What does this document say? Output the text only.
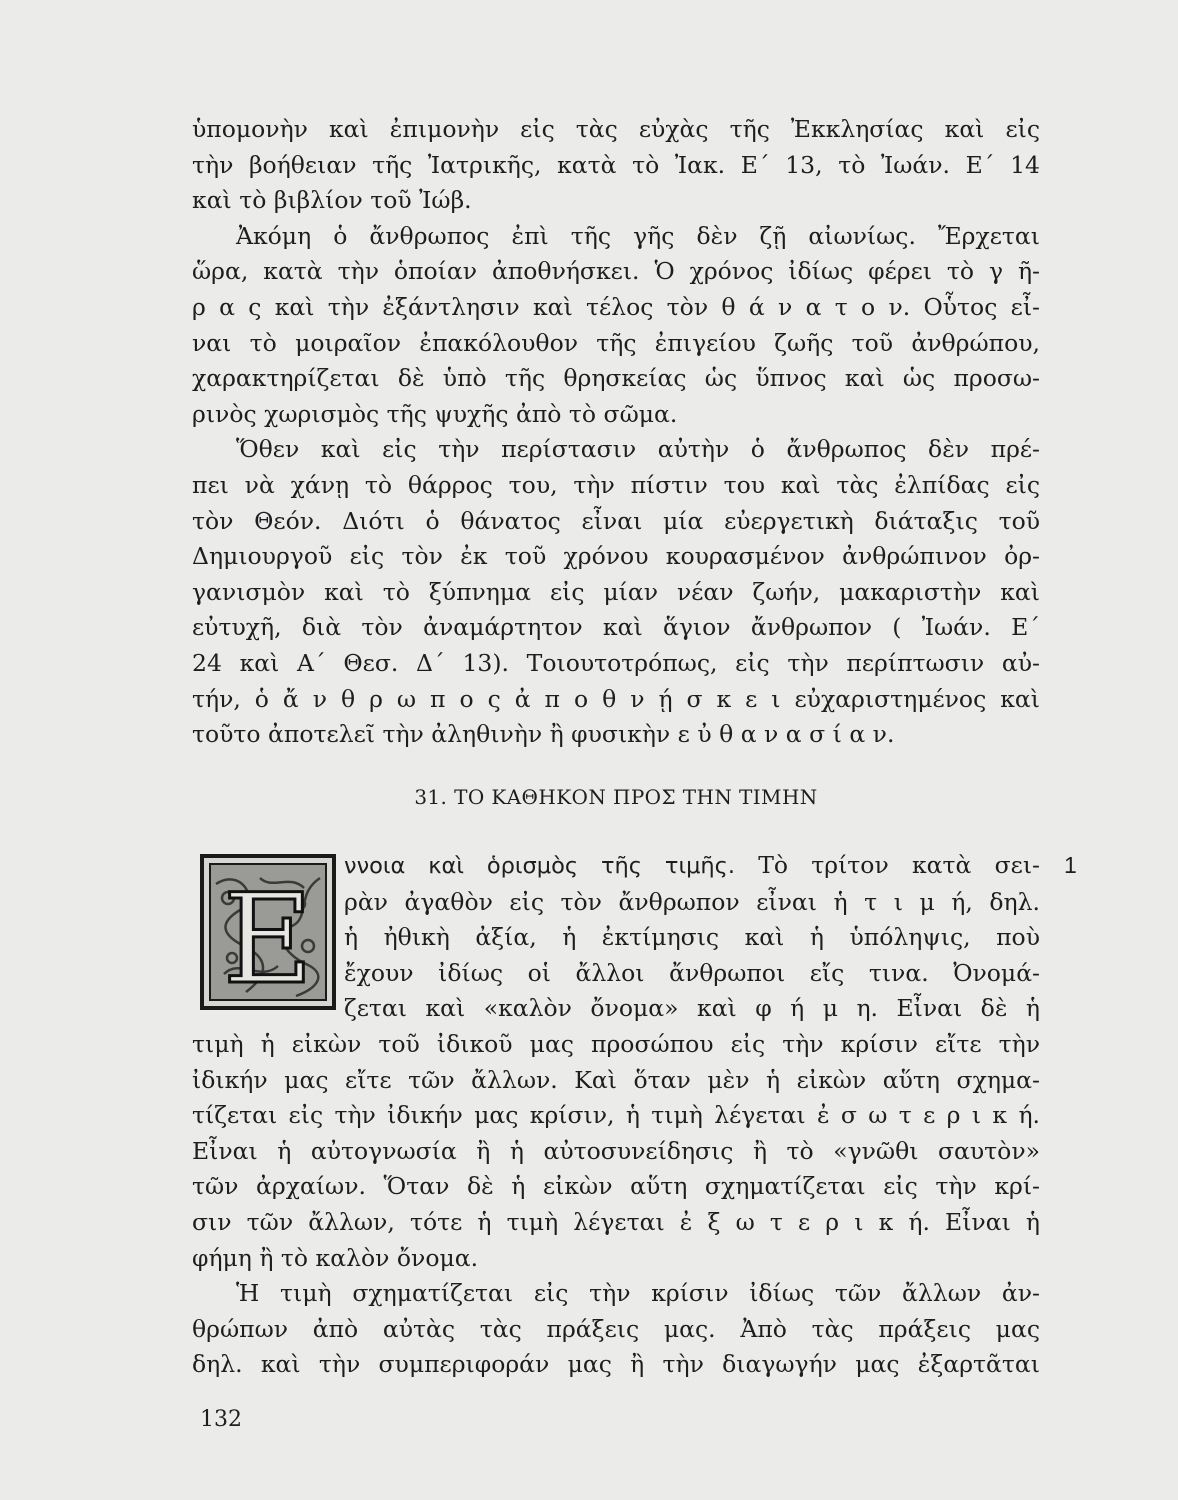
ὑπομονὴν καὶ ἐπιμονὴν εἰς τὰς εὐχὰς τῆς Ἐκκλησίας καὶ εἰς
τὴν βοήθειαν τῆς Ἰατρικῆς, κατὰ τὸ Ἰακ. Ε΄ 13, τὸ Ἰωάν. Ε΄ 14
καὶ τὸ βιβλίον τοῦ Ἰώβ.
Ἀκόμη ὁ ἄνθρωπος ἐπὶ τῆς γῆς δὲν ζῇ αἰωνίως. Ἔρχεται
ὥρα, κατὰ τὴν ὁποίαν ἀποθνήσκει. Ὁ χρόνος ἰδίως φέρει τὸ γ ῆ-
ρ α ς καὶ τὴν ἐξάντλησιν καὶ τέλος τὸν θ ά ν α τ ο ν. Οὗτος εἶ-
ναι τὸ μοιραῖον ἐπακόλουθον τῆς ἐπιγείου ζωῆς τοῦ ἀνθρώπου,
χαρακτηρίζεται δὲ ὑπὸ τῆς θρησκείας ὡς ὕπνος καὶ ὡς προσω-
ρινὸς χωρισμὸς τῆς ψυχῆς ἀπὸ τὸ σῶμα.
Ὅθεν καὶ εἰς τὴν περίστασιν αὐτὴν ὁ ἄνθρωπος δὲν πρέ-
πει νὰ χάνῃ τὸ θάρρος του, τὴν πίστιν του καὶ τὰς ἐλπίδας εἰς
τὸν Θεόν. Διότι ὁ θάνατος εἶναι μία εὐεργετικὴ διάταξις τοῦ
Δημιουργοῦ εἰς τὸν ἐκ τοῦ χρόνου κουρασμένον ἀνθρώπινον ὀρ-
γανισμὸν καὶ τὸ ξύπνημα εἰς μίαν νέαν ζωήν, μακαριστὴν καὶ
εὐτυχῆ, διὰ τὸν ἀναμάρτητον καὶ ἅγιον ἄνθρωπον ( Ἰωάν. Ε΄
24 καὶ Α΄ Θεσ. Δ΄ 13). Τοιουτοτρόπως, εἰς τὴν περίπτωσιν αὐ-
τήν, ὁ ἄ ν θ ρ ω π ο ς ἀ π ο θ ν ῄ σ κ ε ι εὐχαριστημένος καὶ
τοῦτο ἀποτελεῖ τὴν ἀληθινὴν ἢ φυσικὴν ε ὐ θ α ν α σ ί α ν.
31. ΤΟ ΚΑΘΗΚΟΝ ΠΡΟΣ ΤΗΝ ΤΙΜΗΝ
Ε
1
ννοια καὶ ὁρισμὸς τῆς τιμῆς. Τὸ τρίτον κατὰ σει-
ρὰν ἀγαθὸν εἰς τὸν ἄνθρωπον εἶναι ἡ τ ι μ ή, δηλ.
ἡ ἠθικὴ ἀξία, ἡ ἐκτίμησις καὶ ἡ ὑπόληψις, ποὺ
ἔχουν ἰδίως οἱ ἄλλοι ἄνθρωποι εἴς τινα. Ὀνομά-
ζεται καὶ «καλὸν ὄνομα» καὶ φ ή μ η. Εἶναι δὲ ἡ
τιμὴ ἡ εἰκὼν τοῦ ἰδικοῦ μας προσώπου εἰς τὴν κρίσιν εἴτε τὴν
ἰδικήν μας εἴτε τῶν ἄλλων. Καὶ ὅταν μὲν ἡ εἰκὼν αὕτη σχημα-
τίζεται εἰς τὴν ἰδικήν μας κρίσιν, ἡ τιμὴ λέγεται ἐ σ ω τ ε ρ ι κ ή.
Εἶναι ἡ αὐτογνωσία ἢ ἡ αὐτοσυνείδησις ἢ τὸ «γνῶθι σαυτὸν»
τῶν ἀρχαίων. Ὅταν δὲ ἡ εἰκὼν αὕτη σχηματίζεται εἰς τὴν κρί-
σιν τῶν ἄλλων, τότε ἡ τιμὴ λέγεται ἐ ξ ω τ ε ρ ι κ ή. Εἶναι ἡ
φήμη ἢ τὸ καλὸν ὄνομα.
Ἡ τιμὴ σχηματίζεται εἰς τὴν κρίσιν ἰδίως τῶν ἄλλων ἀν-
θρώπων ἀπὸ αὐτὰς τὰς πράξεις μας. Ἀπὸ τὰς πράξεις μας
δηλ. καὶ τὴν συμπεριφοράν μας ἢ τὴν διαγωγήν μας ἐξαρτᾶται
132
